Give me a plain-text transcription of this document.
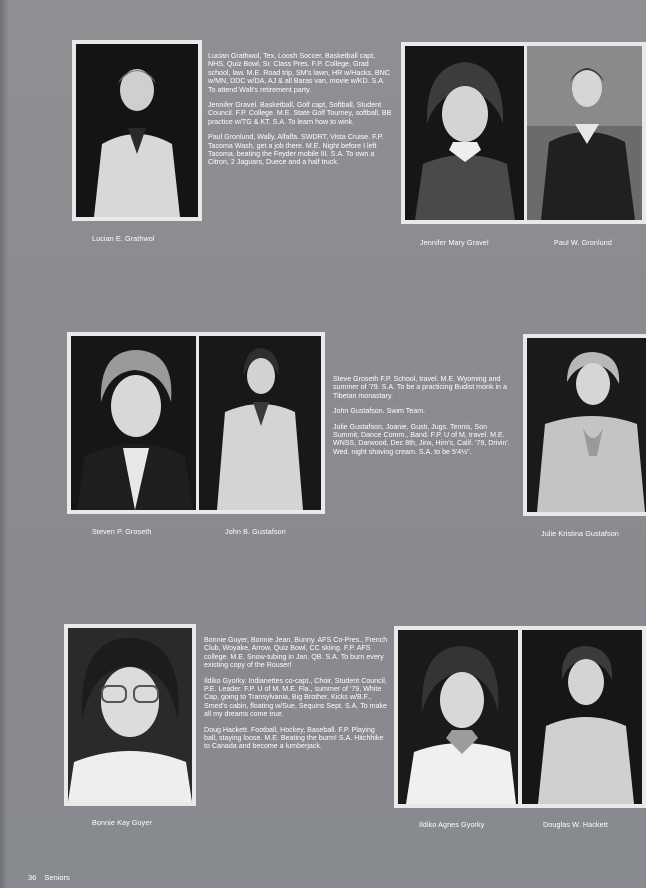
Lucian E. Grathwol

Lucian Grathwol, Tex, Loosh Soccer, Basketball capt, NHS, Quiz Bowl, Sr. Class Pres. F.P. College, Grad school, law. M.E. Road trip, SM's lawn, HR w/Hacks, BNC w/MN, DDC w/DA, AJ & all Baras van, movie w/KD. S.A. To attend Walt's retirement party.

Jennifer Gravel. Basketball, Golf capt, Softball, Student Council. F.P. College. M.E. State Golf Tourney, softball, BB practice w/TG & KT. S.A. To learn how to wink.

Paul Gronlund, Wally, Alfalfa. SWDRT, Vista Cruise. F.P. Tacoma Wash, get a job there. M.E. Night before I left Tacoma, beating the Feyder mobile III. S.A. To own a Citron, 2 Jaguars, Duece and a half truck.

Jennifer Mary Gravel	Paul W. Gronlund
Steven P. Groseth	John B. Gustafson

Steve Groseth F.P. School, travel. M.E. Wyoming and summer of '79. S.A. To be a practicing Budist monk in a Tibetan monastary.

John Gustafson. Swim Team.

Julie Gustafson, Joanie, Gusti, Jugs. Tennis, Son Summit, Dance Comm., Band. F.P. U of M, travel. M.E. WNSS, Darwood, Dec 8th, Jinx, Him's, Calif. '79, Drivin'. Wed. night shaving cream. S.A. to be 5'4½".

Julie Kristina Gustafson
Bonnie Kay Guyer

Bonnie Guyer, Bonnie Jean, Bunny. AFS Co-Pres., French Club, Woyake, Arrow, Quiz Bowl, CC skiing. F.P. AFS college. M.E. Snow-tubing in Jan. QB. S.A. To burn every existing copy of the Rouser!

Ildiko Gyorky. Indianettes co-capt., Choir, Student Council, P.E. Leader. F.P. U of M. M.E. Fla., summer of '79, White Cap, going to Transylvania, Big Brother, Kicks w/B.F., Smed's cabin, floating w/Sue, Sequins Sept. S.A. To make all my dreams come true.

Doug Hackett. Football, Hockey, Baseball. F.P. Playing ball, staying loose. M.E. Beating the burm! S.A. Hitchhike to Canada and become a lumberjack.

Ildiko Agnes Gyorky	Douglas W. Hackett
36 Seniors
